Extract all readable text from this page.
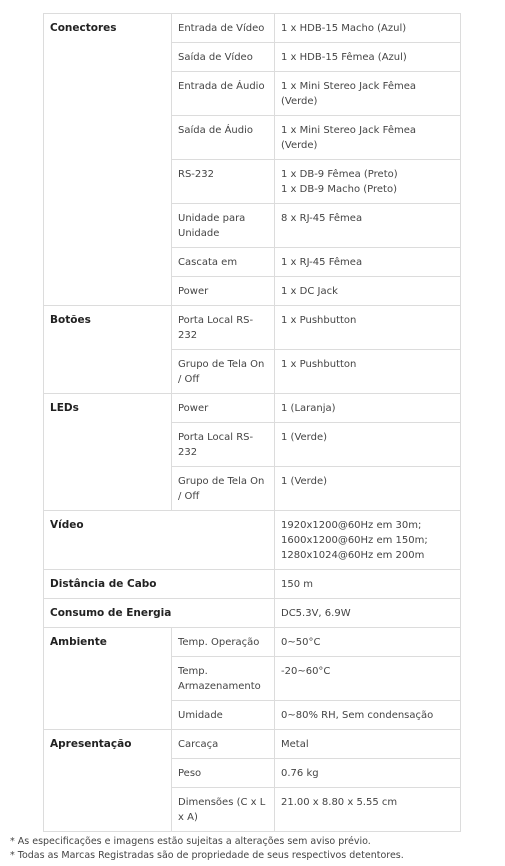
Conectores	Entrada de Vídeo	1 x HDB-15 Macho (Azul)
	Saída de Vídeo	1 x HDB-15 Fêmea (Azul)
	Entrada de Áudio	1 x Mini Stereo Jack Fêmea (Verde)
	Saída de Áudio	1 x Mini Stereo Jack Fêmea (Verde)
	RS-232	1 x DB-9 Fêmea (Preto)
1 x DB-9 Macho (Preto)

	Unidade para Unidade	8 x RJ-45 Fêmea
	Cascata em	1 x RJ-45 Fêmea
	Power	1 x DC Jack
Botões	Porta Local RS-232	1 x Pushbutton
	Grupo de Tela On / Off	1 x Pushbutton
LEDs	Power	1 (Laranja)
	Porta Local RS-232	1 (Verde)
	Grupo de Tela On / Off	1 (Verde)
Vídeo		1920x1200@60Hz em 30m;
1600x1200@60Hz em 150m;
1280x1024@60Hz em 200m

Distância de Cabo		150 m
Consumo de Energia		DC5.3V, 6.9W
Ambiente	Temp. Operação	0~50°C
	Temp. Armazenamento	-20~60°C
	Umidade	0~80% RH, Sem condensação
Apresentação	Carcaça	Metal
	Peso	0.76 kg
	Dimensões (C x L x A)	21.00 x 8.80 x 5.55 cm
* As especificações e imagens estão sujeitas a alterações sem aviso prévio.
* Todas as Marcas Registradas são de propriedade de seus respectivos detentores.
